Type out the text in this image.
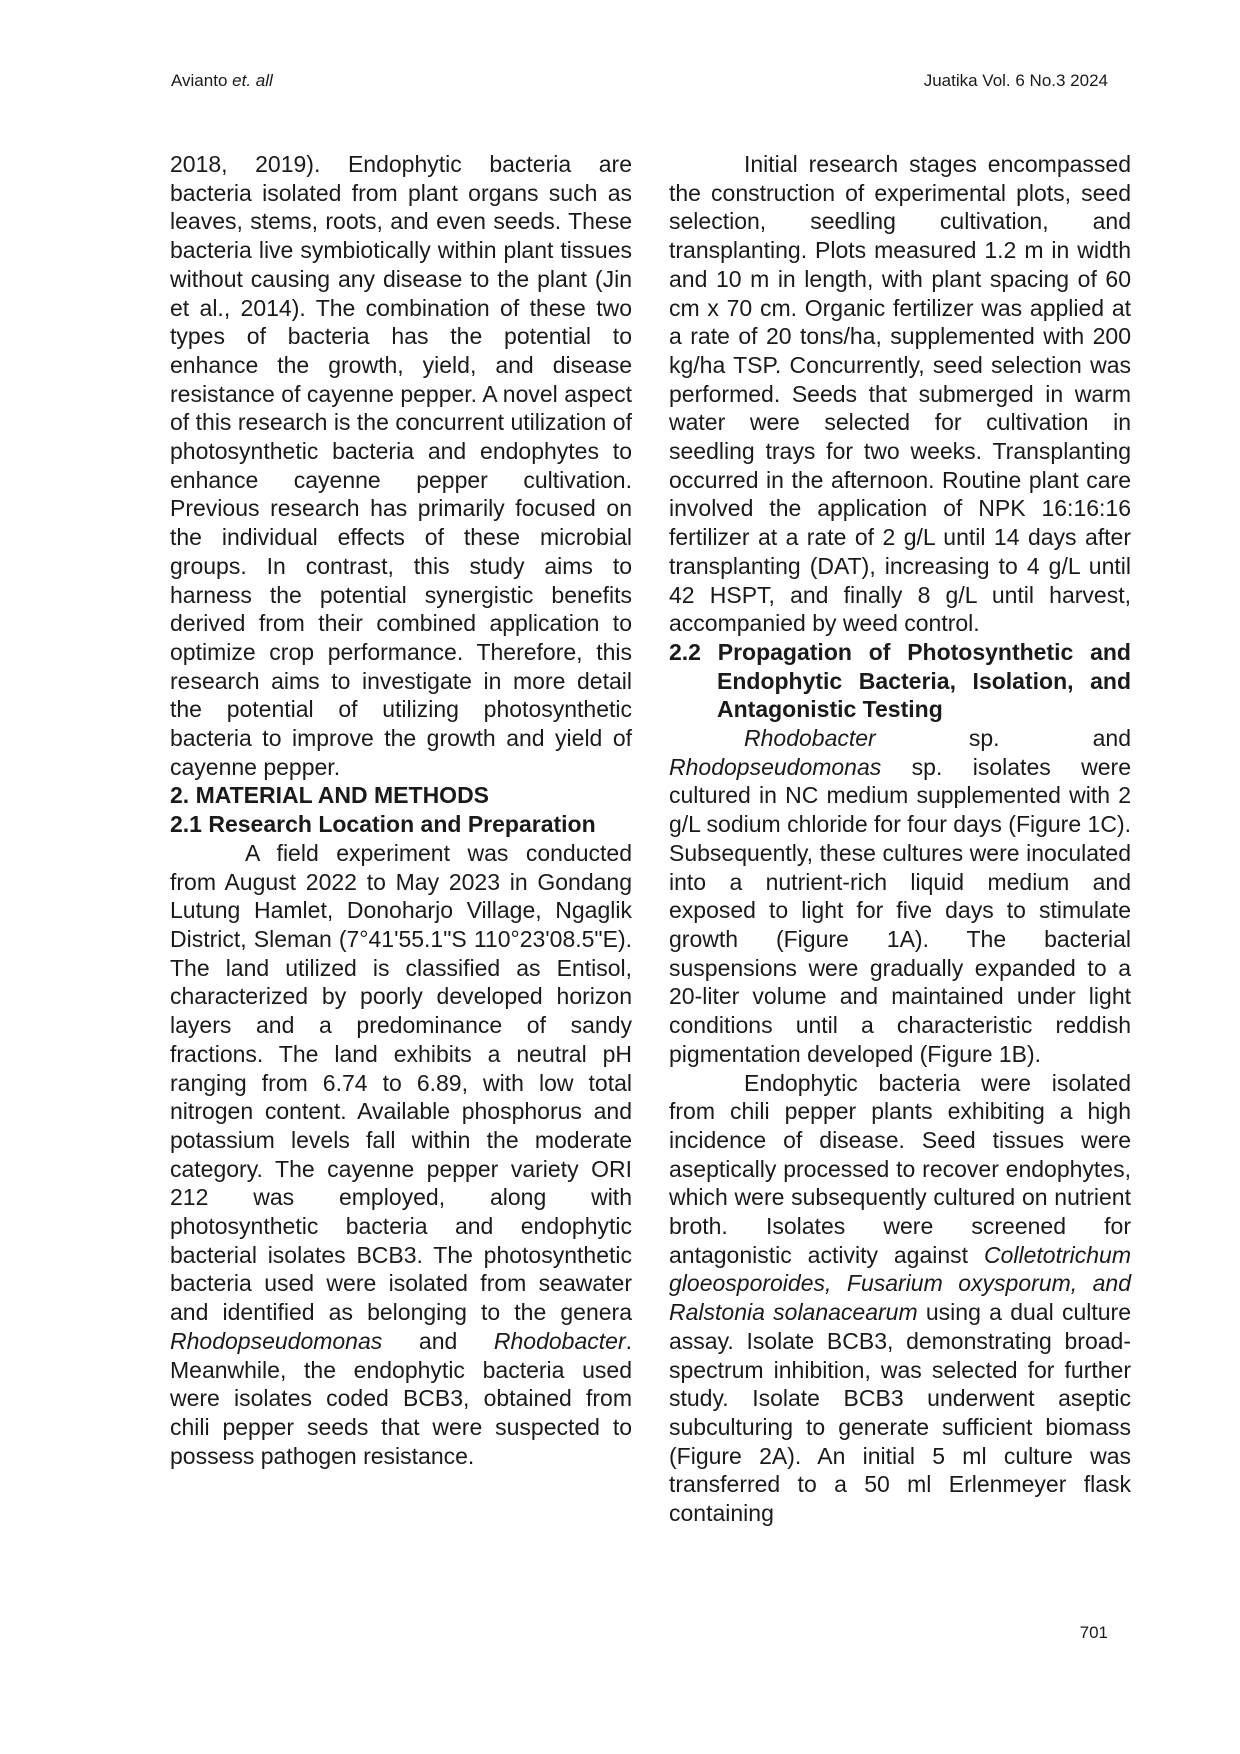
Avianto et. all	Juatika Vol. 6 No.3 2024

2018, 2019). Endophytic bacteria are bacteria isolated from plant organs such as leaves, stems, roots, and even seeds. These bacteria live symbiotically within plant tissues without causing any disease to the plant (Jin et al., 2014). The combination of these two types of bacteria has the potential to enhance the growth, yield, and disease resistance of cayenne pepper. A novel aspect of this research is the concurrent utilization of photosynthetic bacteria and endophytes to enhance cayenne pepper cultivation. Previous research has primarily focused on the individual effects of these microbial groups. In contrast, this study aims to harness the potential synergistic benefits derived from their combined application to optimize crop performance. Therefore, this research aims to investigate in more detail the potential of utilizing photosynthetic bacteria to improve the growth and yield of cayenne pepper.

2. MATERIAL AND METHODS

2.1 Research Location and Preparation

A field experiment was conducted from August 2022 to May 2023 in Gondang Lutung Hamlet, Donoharjo Village, Ngaglik District, Sleman (7°41'55.1"S 110°23'08.5"E). The land utilized is classified as Entisol, characterized by poorly developed horizon layers and a predominance of sandy fractions. The land exhibits a neutral pH ranging from 6.74 to 6.89, with low total nitrogen content. Available phosphorus and potassium levels fall within the moderate category. The cayenne pepper variety ORI 212 was employed, along with photosynthetic bacteria and endophytic bacterial isolates BCB3. The photosynthetic bacteria used were isolated from seawater and identified as belonging to the genera Rhodopseudomonas and Rhodobacter. Meanwhile, the endophytic bacteria used were isolates coded BCB3, obtained from chili pepper seeds that were suspected to possess pathogen resistance.

Initial research stages encompassed the construction of experimental plots, seed selection, seedling cultivation, and transplanting. Plots measured 1.2 m in width and 10 m in length, with plant spacing of 60 cm x 70 cm. Organic fertilizer was applied at a rate of 20 tons/ha, supplemented with 200 kg/ha TSP. Concurrently, seed selection was performed. Seeds that submerged in warm water were selected for cultivation in seedling trays for two weeks. Transplanting occurred in the afternoon. Routine plant care involved the application of NPK 16:16:16 fertilizer at a rate of 2 g/L until 14 days after transplanting (DAT), increasing to 4 g/L until 42 HSPT, and finally 8 g/L until harvest, accompanied by weed control.

2.2 Propagation of Photosynthetic and Endophytic Bacteria, Isolation, and Antagonistic Testing

Rhodobacter sp. and Rhodopseudomonas sp. isolates were cultured in NC medium supplemented with 2 g/L sodium chloride for four days (Figure 1C). Subsequently, these cultures were inoculated into a nutrient-rich liquid medium and exposed to light for five days to stimulate growth (Figure 1A). The bacterial suspensions were gradually expanded to a 20-liter volume and maintained under light conditions until a characteristic reddish pigmentation developed (Figure 1B).

Endophytic bacteria were isolated from chili pepper plants exhibiting a high incidence of disease. Seed tissues were aseptically processed to recover endophytes, which were subsequently cultured on nutrient broth. Isolates were screened for antagonistic activity against Colletotrichum gloeosporoides, Fusarium oxysporum, and Ralstonia solanacearum using a dual culture assay. Isolate BCB3, demonstrating broad-spectrum inhibition, was selected for further study. Isolate BCB3 underwent aseptic subculturing to generate sufficient biomass (Figure 2A). An initial 5 ml culture was transferred to a 50 ml Erlenmeyer flask containing

701
